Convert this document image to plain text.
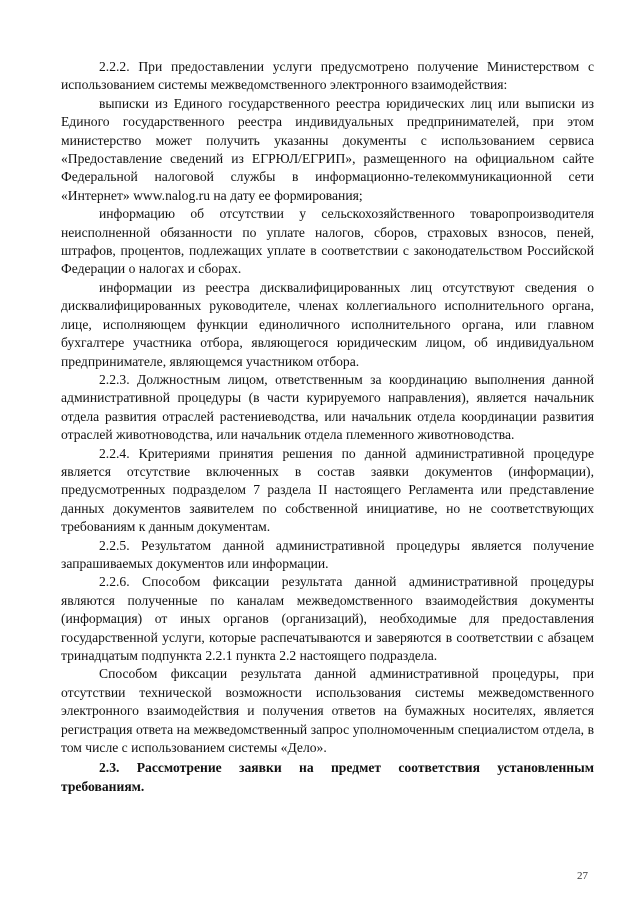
2.2.2. При предоставлении услуги предусмотрено получение Министерством с использованием системы межведомственного электронного взаимодействия:

выписки из Единого государственного реестра юридических лиц или выписки из Единого государственного реестра индивидуальных предпринимателей, при этом министерство может получить указанны документы с использованием сервиса «Предоставление сведений из ЕГРЮЛ/ЕГРИП», размещенного на официальном сайте Федеральной налоговой службы в информационно-телекоммуникационной сети «Интернет» www.nalog.ru на дату ее формирования;

информацию об отсутствии у сельскохозяйственного товаропроизводителя неисполненной обязанности по уплате налогов, сборов, страховых взносов, пеней, штрафов, процентов, подлежащих уплате в соответствии с законодательством Российской Федерации о налогах и сборах.

информации из реестра дисквалифицированных лиц отсутствуют сведения о дисквалифицированных руководителе, членах коллегиального исполнительного органа, лице, исполняющем функции единоличного исполнительного органа, или главном бухгалтере участника отбора, являющегося юридическим лицом, об индивидуальном предпринимателе, являющемся участником отбора.

2.2.3. Должностным лицом, ответственным за координацию выполнения данной административной процедуры (в части курируемого направления), является начальник отдела развития отраслей растениеводства, или начальник отдела координации развития отраслей животноводства, или начальник отдела племенного животноводства.

2.2.4. Критериями принятия решения по данной административной процедуре является отсутствие включенных в состав заявки документов (информации), предусмотренных подразделом 7 раздела II настоящего Регламента или представление данных документов заявителем по собственной инициативе, но не соответствующих требованиям к данным документам.

2.2.5. Результатом данной административной процедуры является получение запрашиваемых документов или информации.

2.2.6. Способом фиксации результата данной административной процедуры являются полученные по каналам межведомственного взаимодействия документы (информация) от иных органов (организаций), необходимые для предоставления государственной услуги, которые распечатываются и заверяются в соответствии с абзацем тринадцатым подпункта 2.2.1 пункта 2.2 настоящего подраздела.

Способом фиксации результата данной административной процедуры, при отсутствии технической возможности использования системы межведомственного электронного взаимодействия и получения ответов на бумажных носителях, является регистрация ответа на межведомственный запрос уполномоченным специалистом отдела, в том числе с использованием системы «Дело».

2.3. Рассмотрение заявки на предмет соответствия установленным требованиям.

27
